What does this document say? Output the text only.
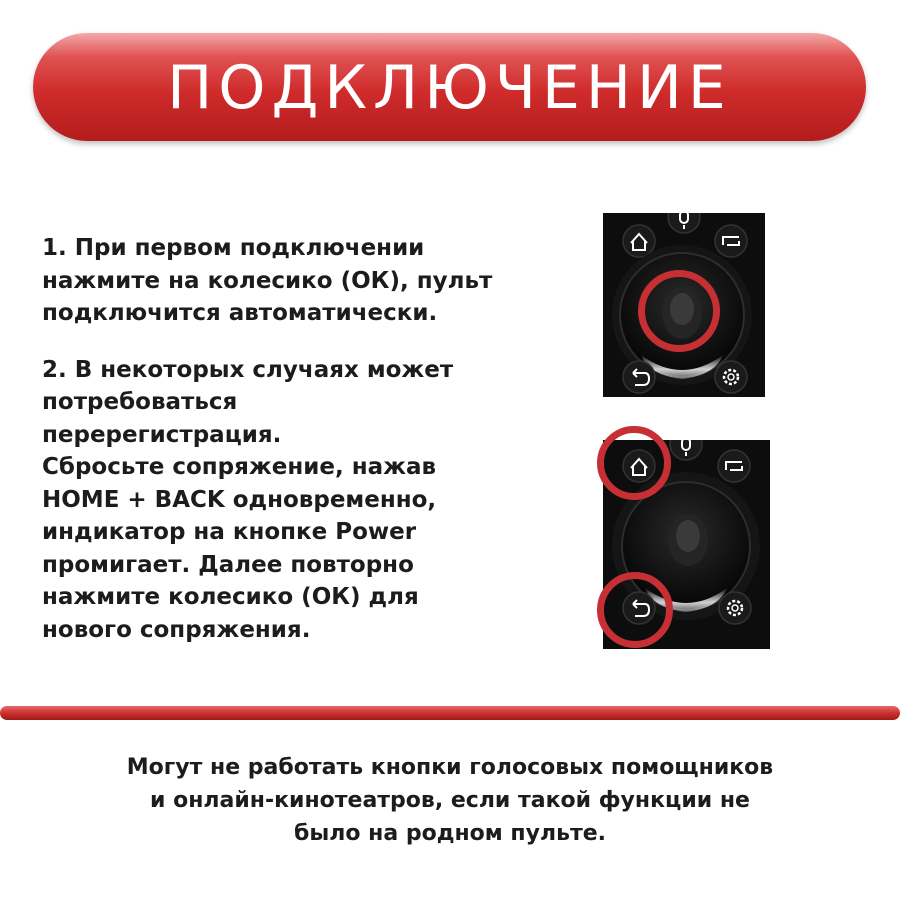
ПОДКЛЮЧЕНИЕ

1. При первом подключении
нажмите на колесико (ОК), пульт
подключится автоматически.

2. В некоторых случаях может
потребоваться
перерегистрация.
Сбросьте сопряжение, нажав
HOME + BACK одновременно,
индикатор на кнопке Power
промигает. Далее повторно
нажмите колесико (ОК) для
нового сопряжения.

Могут не работать кнопки голосовых помощников
и онлайн-кинотеатров, если такой функции не
было на родном пульте.
